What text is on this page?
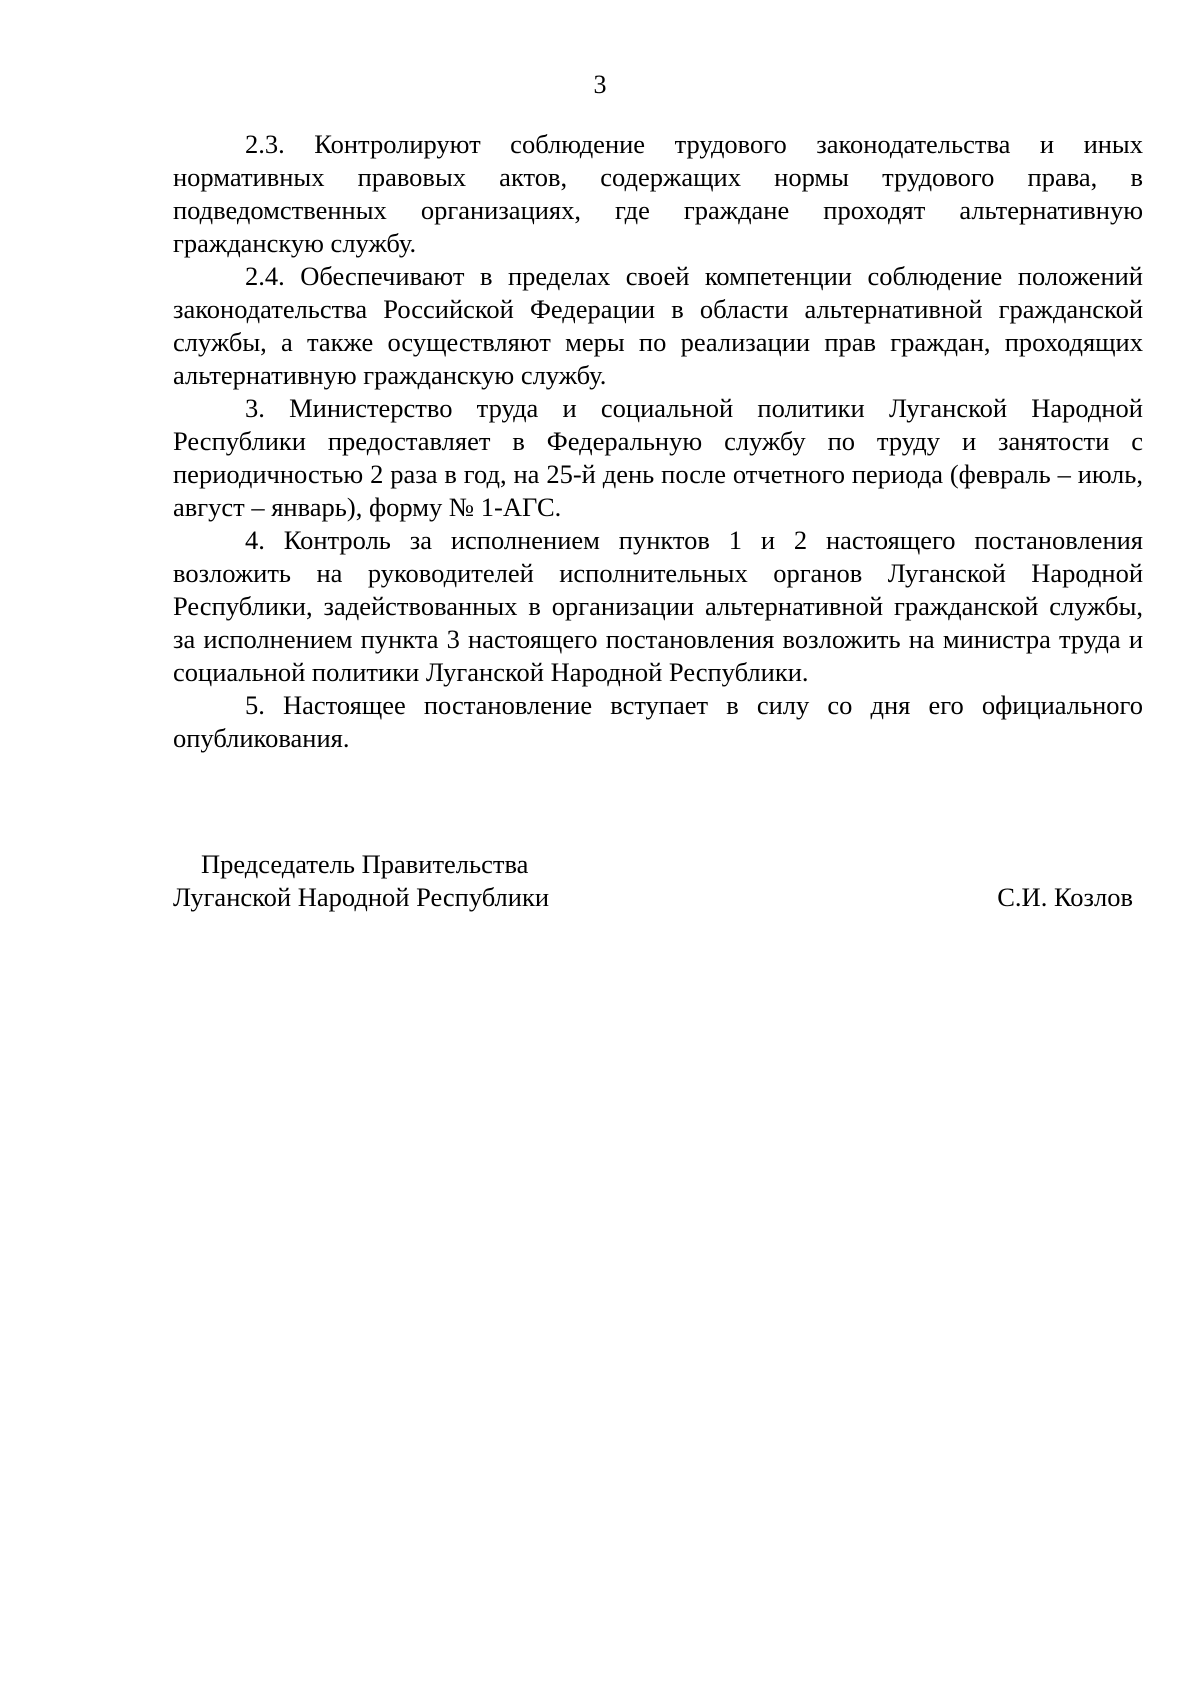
3

2.3. Контролируют соблюдение трудового законодательства и иных нормативных правовых актов, содержащих нормы трудового права, в подведомственных организациях, где граждане проходят альтернативную гражданскую службу.

2.4. Обеспечивают в пределах своей компетенции соблюдение положений законодательства Российской Федерации в области альтернативной гражданской службы, а также осуществляют меры по реализации прав граждан, проходящих альтернативную гражданскую службу.

3. Министерство труда и социальной политики Луганской Народной Республики предоставляет в Федеральную службу по труду и занятости с периодичностью 2 раза в год, на 25-й день после отчетного периода (февраль – июль, август – январь), форму № 1-АГС.

4. Контроль за исполнением пунктов 1 и 2 настоящего постановления возложить на руководителей исполнительных органов Луганской Народной Республики, задействованных в организации альтернативной гражданской службы, за исполнением пункта 3 настоящего постановления возложить на министра труда и социальной политики Луганской Народной Республики.

5. Настоящее постановление вступает в силу со дня его официального опубликования.

Председатель Правительства
Луганской Народной Республики	С.И. Козлов
